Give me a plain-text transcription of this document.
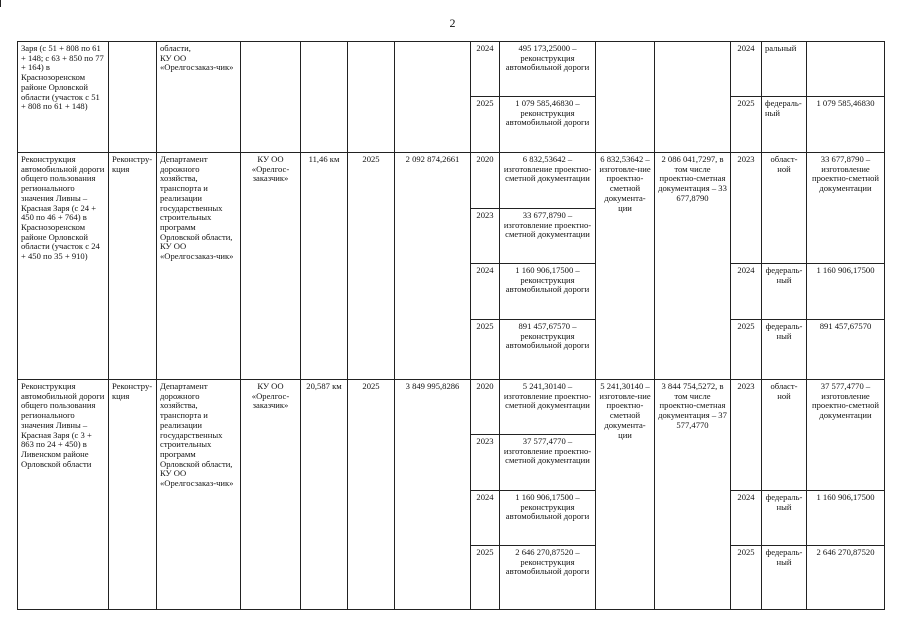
2
Заря (с 51 + 808 по 61 + 148; с 63 + 850 по 77 + 164) в Краснозоренском районе Орловской области (участок с 51 + 808 по 61 + 148)		области,
КУ ОО «Орелгосзаказ-чик»					2024	495 173,25000 – реконструкция автомобильной дороги			2024	ральный	
							2025	1 079 585,46830 – реконструкция автомобильной дороги			2025	федераль-ный	1 079 585,46830
Реконструкция автомобильной дороги общего пользования регионального значения Ливны – Красная Заря (с 24 + 450 по 46 + 764) в Краснозоренском районе Орловской области (участок с 24 + 450 по 35 + 910)	Реконстру-кция	Департамент дорожного хозяйства, транспорта и реализации государственных строительных программ Орловской области,
КУ ОО «Орелгосзаказ-чик»	КУ ОО «Орелгос-заказчик»	11,46 км	2025	2 092 874,2661	2020	6 832,53642 – изготовление проектно-сметной документации	6 832,53642 – изготовле-ние проектно-сметной документа-ции	2 086 041,7297, в том числе проектно-сметная документация – 33 677,8790	2023	област-ной	33 677,8790 – изготовление проектно-сметной документации
							2023	33 677,8790 – изготовление проектно-сметной документации					
							2024	1 160 906,17500 – реконструкция автомобильной дороги			2024	федераль-ный	1 160 906,17500
							2025	891 457,67570 – реконструкция автомобильной дороги			2025	федераль-ный	891 457,67570
Реконструкция автомобильной дороги общего пользования регионального значения Ливны – Красная Заря (с 3 + 863 по 24 + 450) в Ливенском районе Орловской области	Реконстру-кция	Департамент дорожного хозяйства, транспорта и реализации государственных строительных программ Орловской области,
КУ ОО «Орелгосзаказ-чик»	КУ ОО «Орелгос-заказчик»	20,587 км	2025	3 849 995,8286	2020	5 241,30140 – изготовление проектно-сметной документации	5 241,30140 – изготовле-ние проектно-сметной документа-ции	3 844 754,5272, в том числе проектно-сметная документация – 37 577,4770	2023	област-ной	37 577,4770 – изготовление проектно-сметной документации
							2023	37 577,4770 – изготовление проектно-сметной документации					
							2024	1 160 906,17500 – реконструкция автомобильной дороги			2024	федераль-ный	1 160 906,17500
							2025	2 646 270,87520 – реконструкция автомобильной дороги			2025	федераль-ный	2 646 270,87520
